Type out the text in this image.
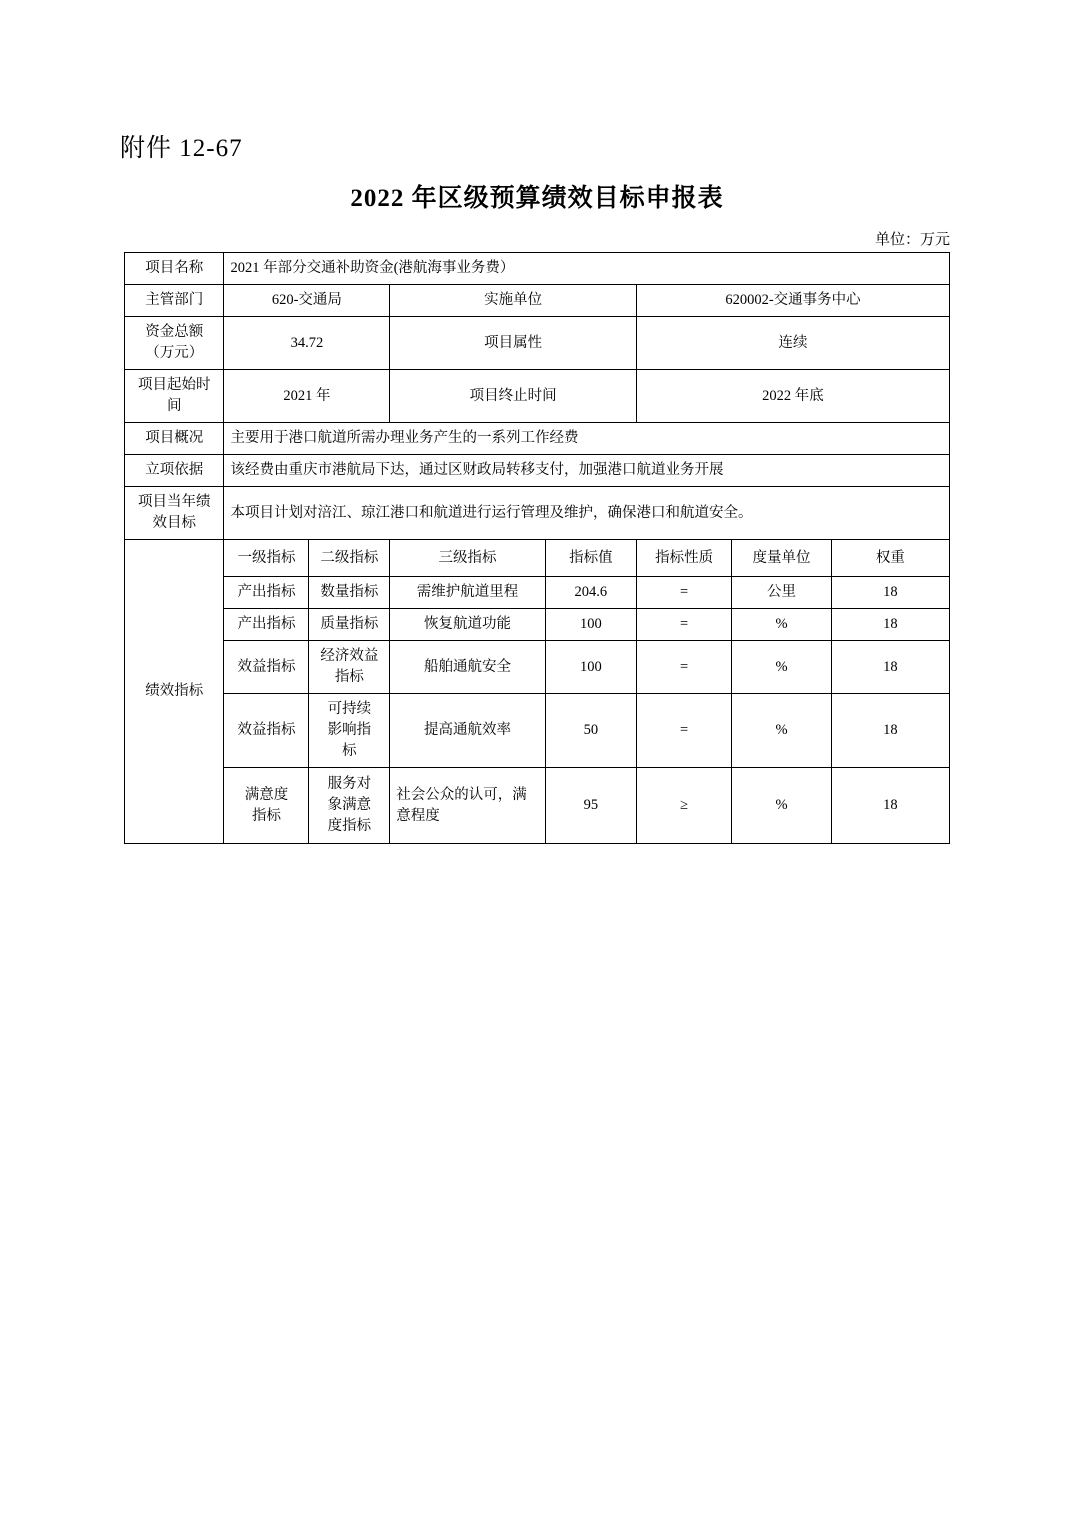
附件 12-67
2022 年区级预算绩效目标申报表
单位：万元
项目名称	2021 年部分交通补助资金(港航海事业务费）						
主管部门	620-交通局		实施单位		620002-交通事务中心		
资金总额（万元）	34.72		项目属性		连续		
项目起始时间	2021 年		项目终止时间		2022 年底		
项目概况	主要用于港口航道所需办理业务产生的一系列工作经费						
立项依据	该经费由重庆市港航局下达，通过区财政局转移支付，加强港口航道业务开展						
项目当年绩效目标	本项目计划对涪江、琼江港口和航道进行运行管理及维护，确保港口和航道安全。						
绩效指标	一级指标	二级指标	三级指标	指标值	指标性质	度量单位	权重
	产出指标	数量指标	需维护航道里程	204.6	=	公里	18
	产出指标	质量指标	恢复航道功能	100	=	%	18
	效益指标	经济效益指标	船舶通航安全	100	=	%	18
	效益指标	可持续影响指标	提高通航效率	50	=	%	18
	满意度指标	服务对象满意度指标	社会公众的认可，满意程度	95	≥	%	18
